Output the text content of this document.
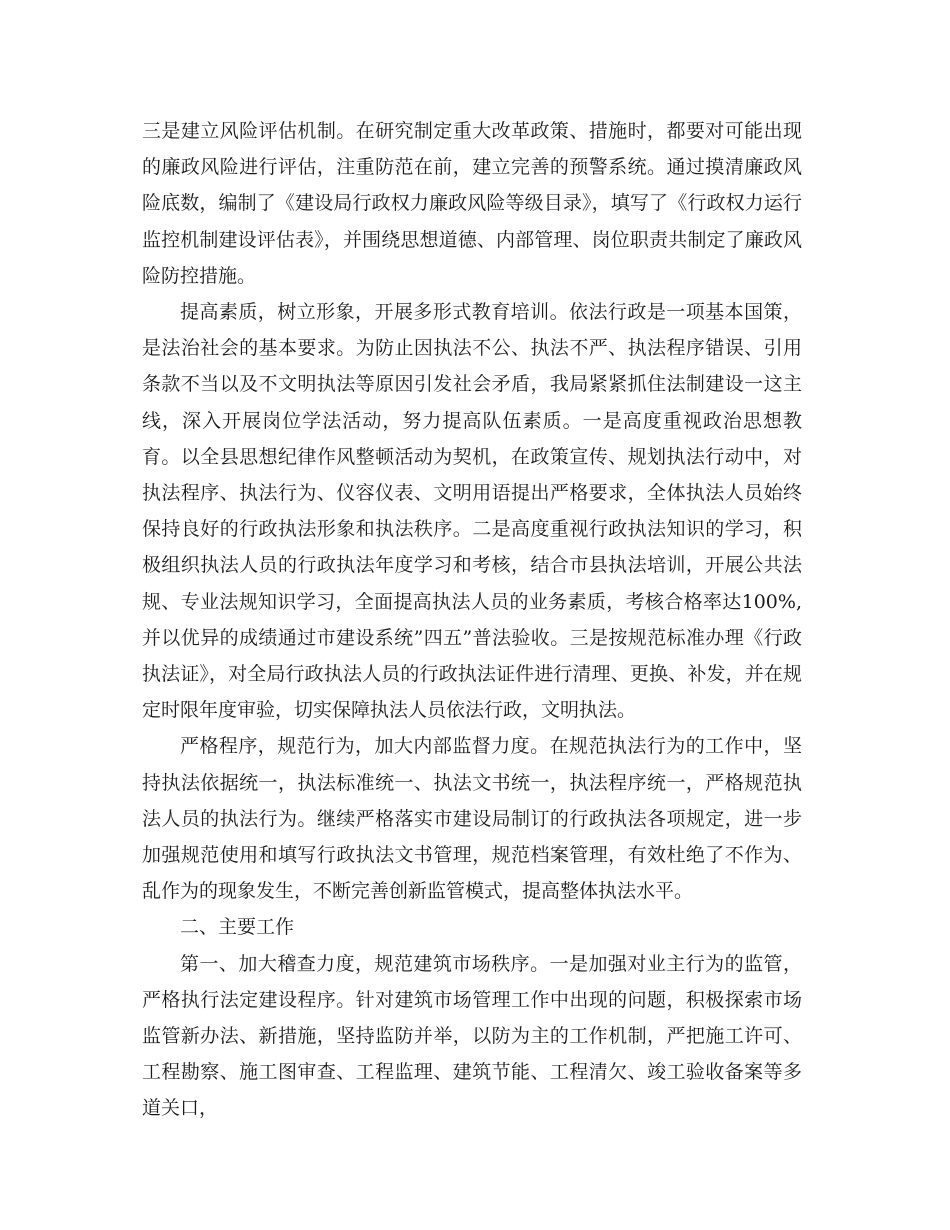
三是建立风险评估机制。在研究制定重大改革政策、措施时，都要对可能出现的廉政风险进行评估，注重防范在前，建立完善的预警系统。通过摸清廉政风险底数，编制了《建设局行政权力廉政风险等级目录》，填写了《行政权力运行监控机制建设评估表》，并围绕思想道德、内部管理、岗位职责共制定了廉政风险防控措施。

提高素质，树立形象，开展多形式教育培训。依法行政是一项基本国策，是法治社会的基本要求。为防止因执法不公、执法不严、执法程序错误、引用条款不当以及不文明执法等原因引发社会矛盾，我局紧紧抓住法制建设一这主线，深入开展岗位学法活动，努力提高队伍素质。一是高度重视政治思想教育。以全县思想纪律作风整顿活动为契机，在政策宣传、规划执法行动中，对执法程序、执法行为、仪容仪表、文明用语提出严格要求，全体执法人员始终保持良好的行政执法形象和执法秩序。二是高度重视行政执法知识的学习，积极组织执法人员的行政执法年度学习和考核，结合市县执法培训，开展公共法规、专业法规知识学习，全面提高执法人员的业务素质，考核合格率达100%,并以优异的成绩通过市建设系统”四五”普法验收。三是按规范标准办理《行政执法证》，对全局行政执法人员的行政执法证件进行清理、更换、补发，并在规定时限年度审验，切实保障执法人员依法行政，文明执法。

严格程序，规范行为，加大内部监督力度。在规范执法行为的工作中，坚持执法依据统一，执法标准统一、执法文书统一，执法程序统一，严格规范执法人员的执法行为。继续严格落实市建设局制订的行政执法各项规定，进一步加强规范使用和填写行政执法文书管理，规范档案管理，有效杜绝了不作为、乱作为的现象发生，不断完善创新监管模式，提高整体执法水平。

二、主要工作

第一、加大稽查力度，规范建筑市场秩序。一是加强对业主行为的监管，严格执行法定建设程序。针对建筑市场管理工作中出现的问题，积极探索市场监管新办法、新措施，坚持监防并举，以防为主的工作机制，严把施工许可、工程勘察、施工图审查、工程监理、建筑节能、工程清欠、竣工验收备案等多道关口，
